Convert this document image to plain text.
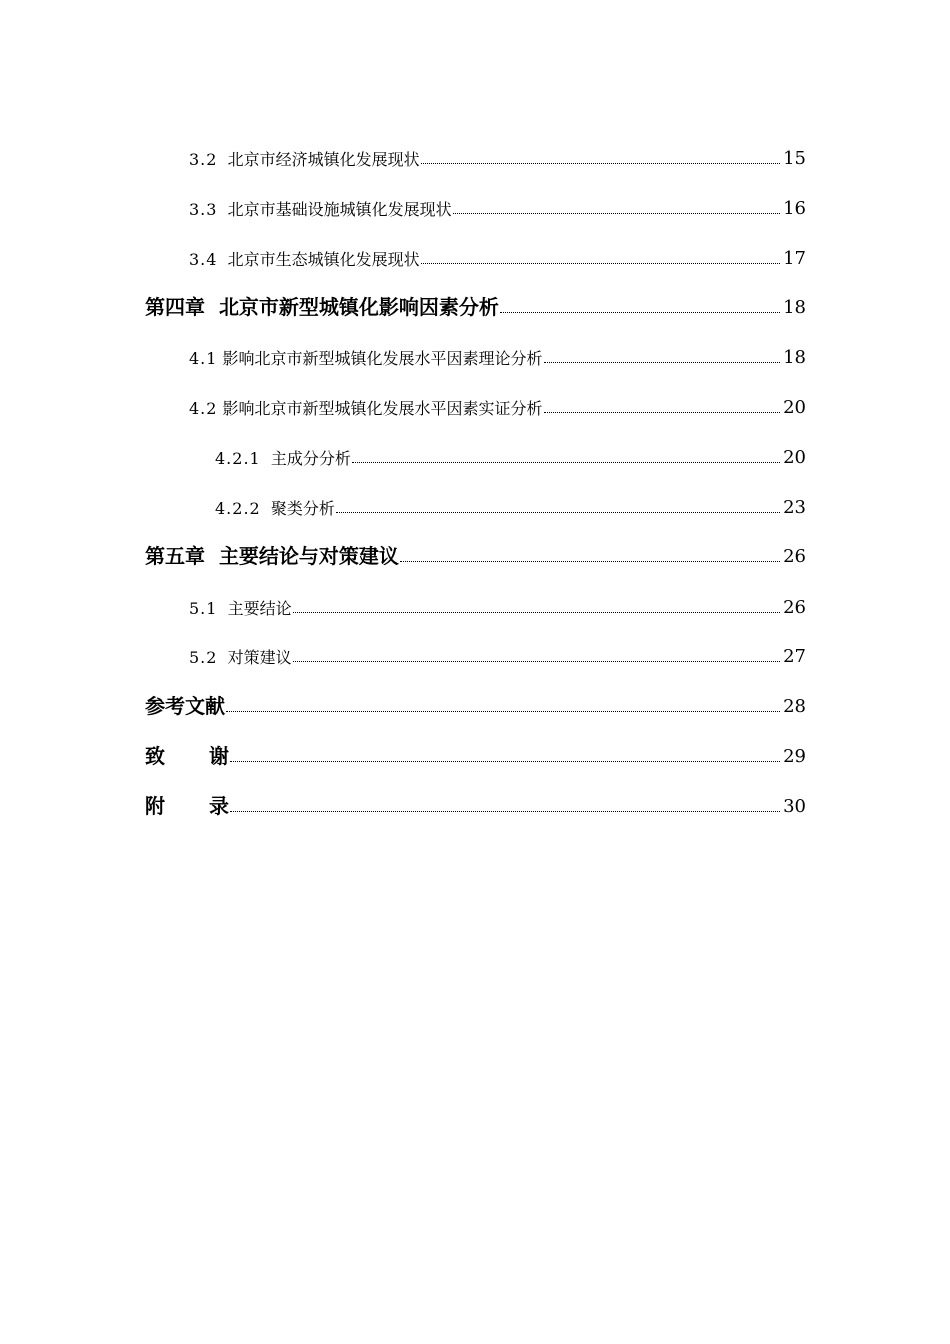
3.2 北京市经济城镇化发展现状	15
3.3 北京市基础设施城镇化发展现状	16
3.4 北京市生态城镇化发展现状	17
第四章 北京市新型城镇化影响因素分析	18
4.1 影响北京市新型城镇化发展水平因素理论分析	18
4.2 影响北京市新型城镇化发展水平因素实证分析	20
4.2.1 主成分分析	20
4.2.2 聚类分析	23
第五章 主要结论与对策建议	26
5.1 主要结论	26
5.2 对策建议	27
参考文献	28
致谢	29
附录	30
